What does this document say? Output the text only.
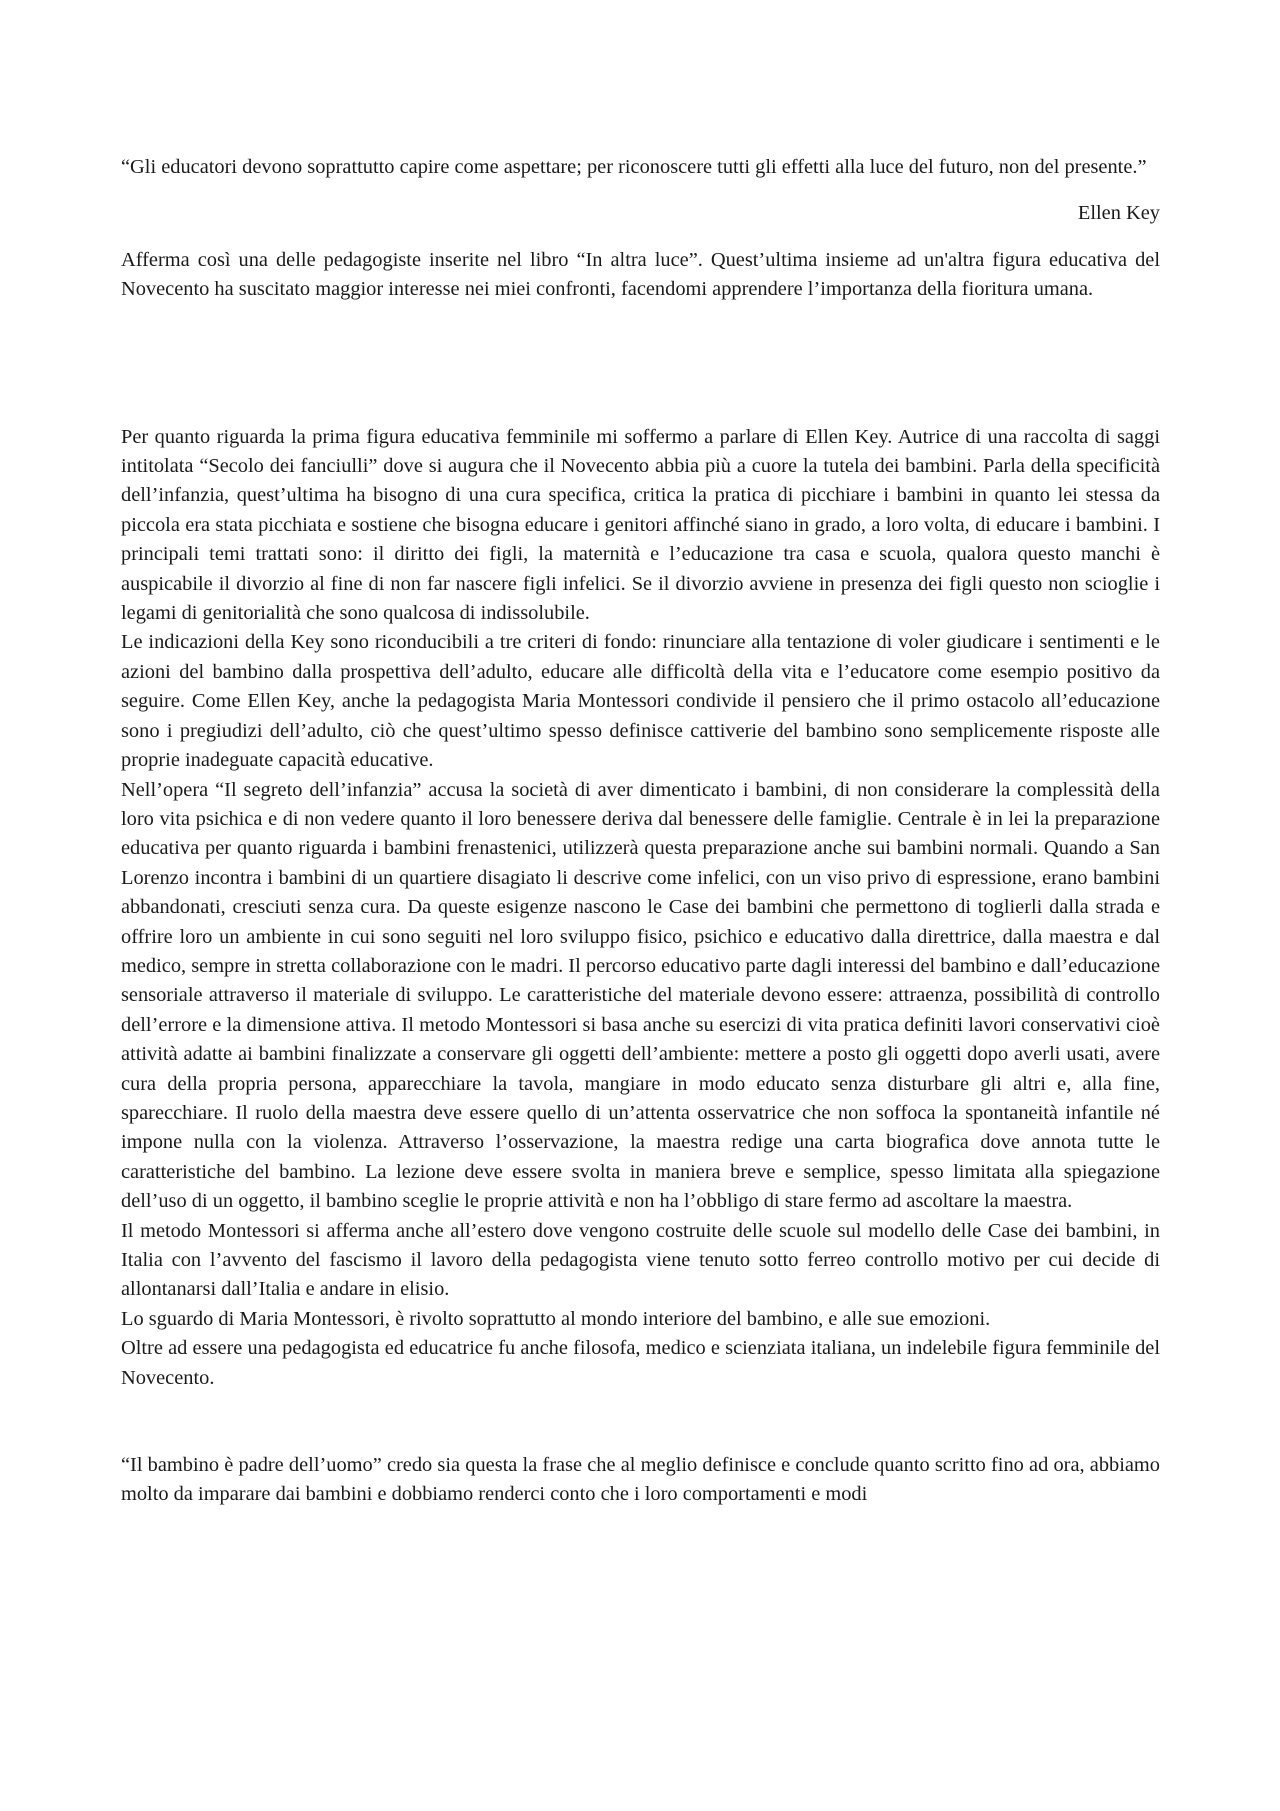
“Gli educatori devono soprattutto capire come aspettare; per riconoscere tutti gli effetti alla luce del futuro, non del presente.”

Ellen Key

Afferma così una delle pedagogiste inserite nel libro “In altra luce”. Quest’ultima insieme ad un'altra figura educativa del Novecento ha suscitato maggior interesse nei miei confronti, facendomi apprendere l’importanza della fioritura umana.

Per quanto riguarda la prima figura educativa femminile mi soffermo a parlare di Ellen Key. Autrice di una raccolta di saggi intitolata “Secolo dei fanciulli” dove si augura che il Novecento abbia più a cuore la tutela dei bambini. Parla della specificità dell’infanzia, quest’ultima ha bisogno di una cura specifica, critica la pratica di picchiare i bambini in quanto lei stessa da piccola era stata picchiata e sostiene che bisogna educare i genitori affinché siano in grado, a loro volta, di educare i bambini. I principali temi trattati sono: il diritto dei figli, la maternità e l’educazione tra casa e scuola, qualora questo manchi è auspicabile il divorzio al fine di non far nascere figli infelici. Se il divorzio avviene in presenza dei figli questo non scioglie i legami di genitorialità che sono qualcosa di indissolubile.

Le indicazioni della Key sono riconducibili a tre criteri di fondo: rinunciare alla tentazione di voler giudicare i sentimenti e le azioni del bambino dalla prospettiva dell’adulto, educare alle difficoltà della vita e l’educatore come esempio positivo da seguire. Come Ellen Key, anche la pedagogista Maria Montessori condivide il pensiero che il primo ostacolo all’educazione sono i pregiudizi dell’adulto, ciò che quest’ultimo spesso definisce cattiverie del bambino sono semplicemente risposte alle proprie inadeguate capacità educative.

Nell’opera “Il segreto dell’infanzia” accusa la società di aver dimenticato i bambini, di non considerare la complessità della loro vita psichica e di non vedere quanto il loro benessere deriva dal benessere delle famiglie. Centrale è in lei la preparazione educativa per quanto riguarda i bambini frenastenici, utilizzerà questa preparazione anche sui bambini normali. Quando a San Lorenzo incontra i bambini di un quartiere disagiato li descrive come infelici, con un viso privo di espressione, erano bambini abbandonati, cresciuti senza cura. Da queste esigenze nascono le Case dei bambini che permettono di toglierli dalla strada e offrire loro un ambiente in cui sono seguiti nel loro sviluppo fisico, psichico e educativo dalla direttrice, dalla maestra e dal medico, sempre in stretta collaborazione con le madri. Il percorso educativo parte dagli interessi del bambino e dall’educazione sensoriale attraverso il materiale di sviluppo. Le caratteristiche del materiale devono essere: attraenza, possibilità di controllo dell’errore e la dimensione attiva. Il metodo Montessori si basa anche su esercizi di vita pratica definiti lavori conservativi cioè attività adatte ai bambini finalizzate a conservare gli oggetti dell’ambiente: mettere a posto gli oggetti dopo averli usati, avere cura della propria persona, apparecchiare la tavola, mangiare in modo educato senza disturbare gli altri e, alla fine, sparecchiare. Il ruolo della maestra deve essere quello di un’attenta osservatrice che non soffoca la spontaneità infantile né impone nulla con la violenza. Attraverso l’osservazione, la maestra redige una carta biografica dove annota tutte le caratteristiche del bambino. La lezione deve essere svolta in maniera breve e semplice, spesso limitata alla spiegazione dell’uso di un oggetto, il bambino sceglie le proprie attività e non ha l’obbligo di stare fermo ad ascoltare la maestra.

Il metodo Montessori si afferma anche all’estero dove vengono costruite delle scuole sul modello delle Case dei bambini, in Italia con l’avvento del fascismo il lavoro della pedagogista viene tenuto sotto ferreo controllo motivo per cui decide di allontanarsi dall’Italia e andare in elisio.

Lo sguardo di Maria Montessori, è rivolto soprattutto al mondo interiore del bambino, e alle sue emozioni.

Oltre ad essere una pedagogista ed educatrice fu anche filosofa, medico e scienziata italiana, un indelebile figura femminile del Novecento.

“Il bambino è padre dell’uomo” credo sia questa la frase che al meglio definisce e conclude quanto scritto fino ad ora, abbiamo molto da imparare dai bambini e dobbiamo renderci conto che i loro comportamenti e modi
